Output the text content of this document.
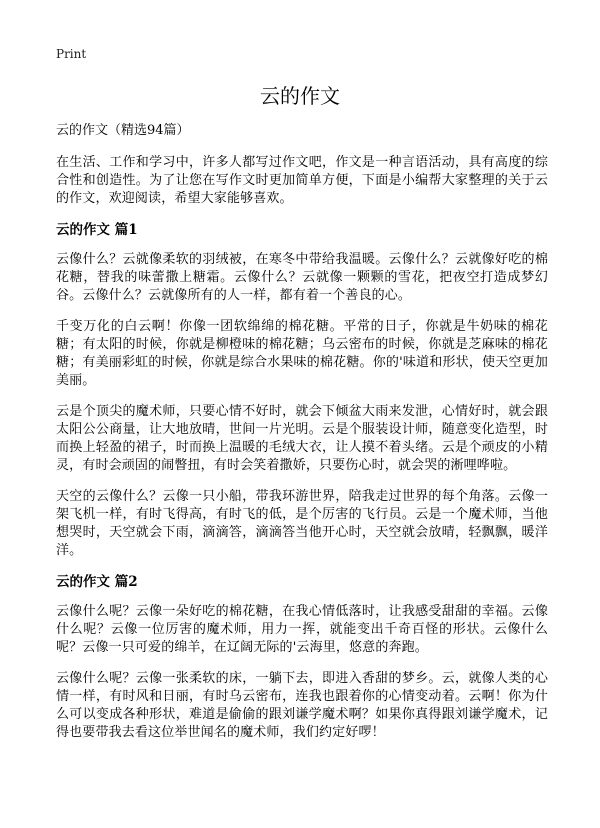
Print
云的作文
云的作文（精选94篇）

在生活、工作和学习中，许多人都写过作文吧，作文是一种言语活动，具有高度的综合性和创造性。为了让您在写作文时更加简单方便，下面是小编帮大家整理的关于云的作文，欢迎阅读，希望大家能够喜欢。

云的作文 篇1

云像什么？云就像柔软的羽绒被，在寒冬中带给我温暖。云像什么？云就像好吃的棉花糖，替我的味蕾撒上糖霜。云像什么？云就像一颗颗的雪花，把夜空打造成梦幻谷。云像什么？云就像所有的人一样，都有着一个善良的心。

千变万化的白云啊！你像一团软绵绵的棉花糖。平常的日子，你就是牛奶味的棉花糖；有太阳的时候，你就是柳橙味的棉花糖；乌云密布的时候，你就是芝麻味的棉花糖；有美丽彩虹的时候，你就是综合水果味的棉花糖。你的'味道和形状，使天空更加美丽。

云是个顶尖的魔术师，只要心情不好时，就会下倾盆大雨来发泄，心情好时，就会跟太阳公公商量，让大地放晴，世间一片光明。云是个服装设计师，随意变化造型，时而换上轻盈的裙子，时而换上温暖的毛绒大衣，让人摸不着头绪。云是个顽皮的小精灵，有时会顽固的闹瞥扭，有时会笑着撒娇，只要伤心时，就会哭的淅哩哗啦。

天空的云像什么？云像一只小船，带我环游世界，陪我走过世界的每个角落。云像一架飞机一样，有时飞得高，有时飞的低，是个厉害的飞行员。云是一个魔术师，当他想哭时，天空就会下雨，滴滴答，滴滴答当他开心时，天空就会放晴，轻飘飘，暖洋洋。

云的作文 篇2

云像什么呢？云像一朵好吃的棉花糖，在我心情低落时，让我感受甜甜的幸福。云像什么呢？云像一位厉害的魔术师，用力一挥，就能变出千奇百怪的形状。云像什么呢？云像一只可爱的绵羊，在辽阔无际的'云海里，悠意的奔跑。

云像什么呢？云像一张柔软的床，一躺下去，即进入香甜的梦乡。云，就像人类的心情一样，有时风和日丽，有时乌云密布，连我也跟着你的心情变动着。云啊！你为什么可以变成各种形状，难道是偷偷的跟刘谦学魔术啊？如果你真得跟刘谦学魔术，记得也要带我去看这位举世闻名的魔术师，我们约定好啰！
